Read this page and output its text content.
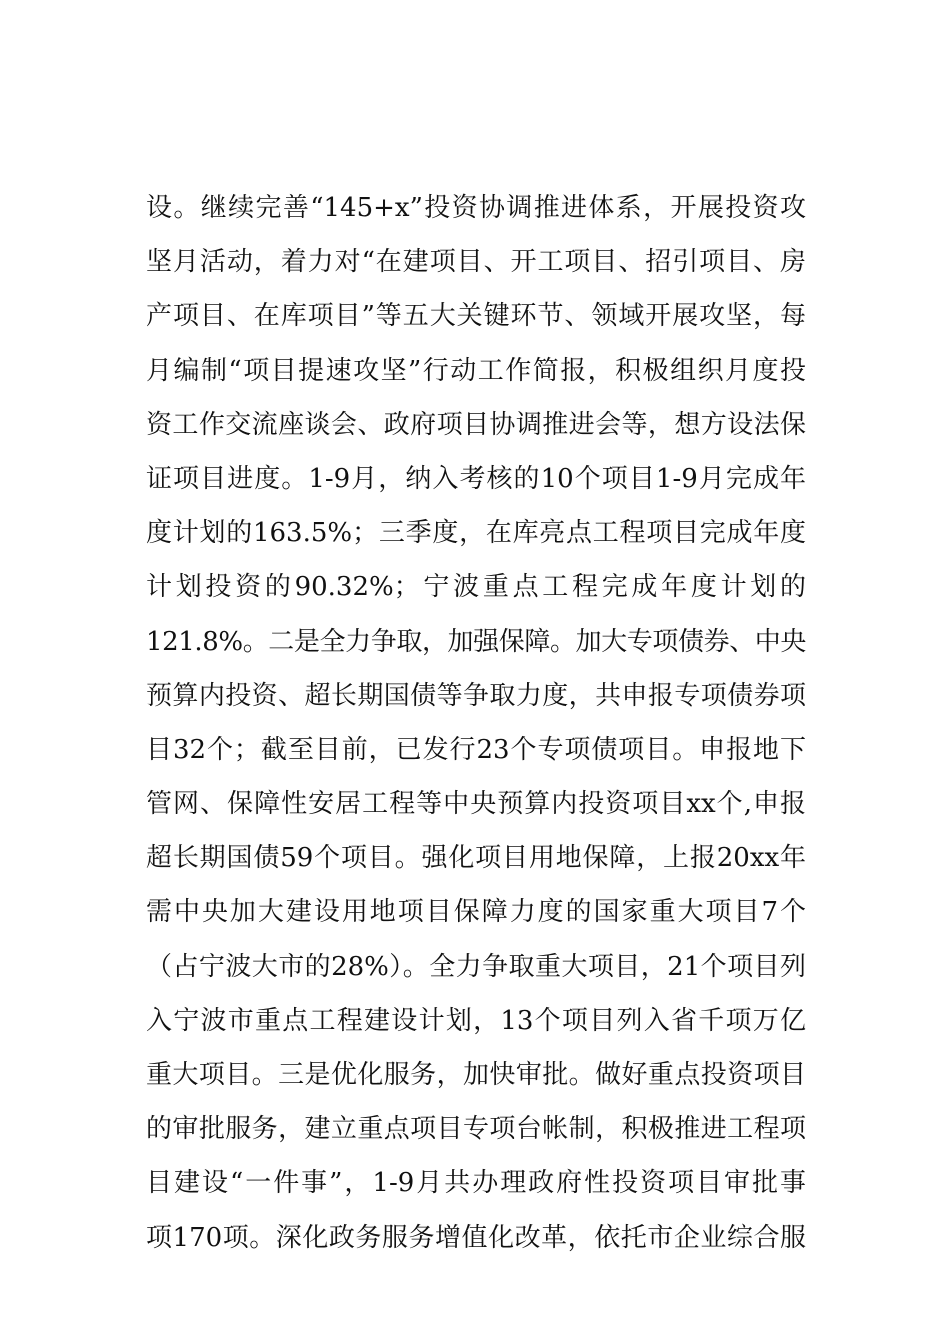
设。继续完善“145+x”投资协调推进体系，开展投资攻
坚月活动，着力对“在建项目、开工项目、招引项目、房
产项目、在库项目”等五大关键环节、领域开展攻坚，每
月编制“项目提速攻坚”行动工作简报，积极组织月度投
资工作交流座谈会、政府项目协调推进会等，想方设法保
证项目进度。1-9月，纳入考核的10个项目1-9月完成年
度计划的163.5%；三季度，在库亮点工程项目完成年度
计划投资的90.32%；宁波重点工程完成年度计划的
121.8%。二是全力争取，加强保障。加大专项债券、中央
预算内投资、超长期国债等争取力度，共申报专项债券项
目32个；截至目前，已发行23个专项债项目。申报地下
管网、保障性安居工程等中央预算内投资项目xx个,申报
超长期国债59个项目。强化项目用地保障，上报20xx年
需中央加大建设用地项目保障力度的国家重大项目7个
（占宁波大市的28%）。全力争取重大项目，21个项目列
入宁波市重点工程建设计划，13个项目列入省千项万亿
重大项目。三是优化服务，加快审批。做好重点投资项目
的审批服务，建立重点项目专项台帐制，积极推进工程项
目建设“一件事”，1-9月共办理政府性投资项目审批事
项170项。深化政务服务增值化改革，依托市企业综合服
